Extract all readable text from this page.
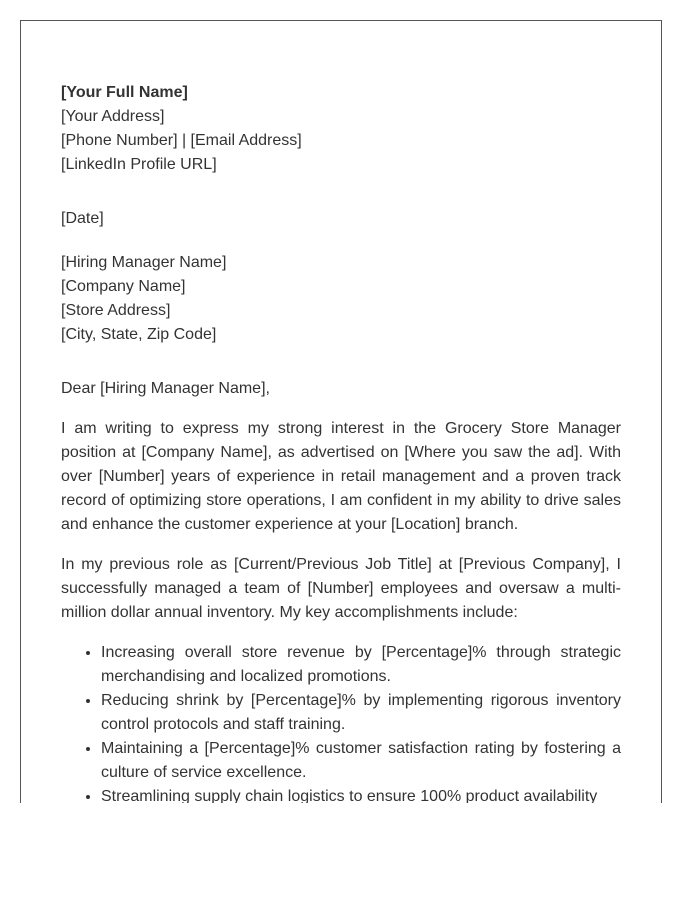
[Your Full Name]
[Your Address]
[Phone Number] | [Email Address]
[LinkedIn Profile URL]
[Date]
[Hiring Manager Name]
[Company Name]
[Store Address]
[City, State, Zip Code]
Dear [Hiring Manager Name],

I am writing to express my strong interest in the Grocery Store Manager position at [Company Name], as advertised on [Where you saw the ad]. With over [Number] years of experience in retail management and a proven track record of optimizing store operations, I am confident in my ability to drive sales and enhance the customer experience at your [Location] branch.

In my previous role as [Current/Previous Job Title] at [Previous Company], I successfully managed a team of [Number] employees and oversaw a multi-million dollar annual inventory. My key accomplishments include:

• Increasing overall store revenue by [Percentage]% through strategic merchandising and localized promotions.
• Reducing shrink by [Percentage]% by implementing rigorous inventory control protocols and staff training.
• Maintaining a [Percentage]% customer satisfaction rating by fostering a culture of service excellence.
• Streamlining supply chain logistics to ensure 100% product availability
